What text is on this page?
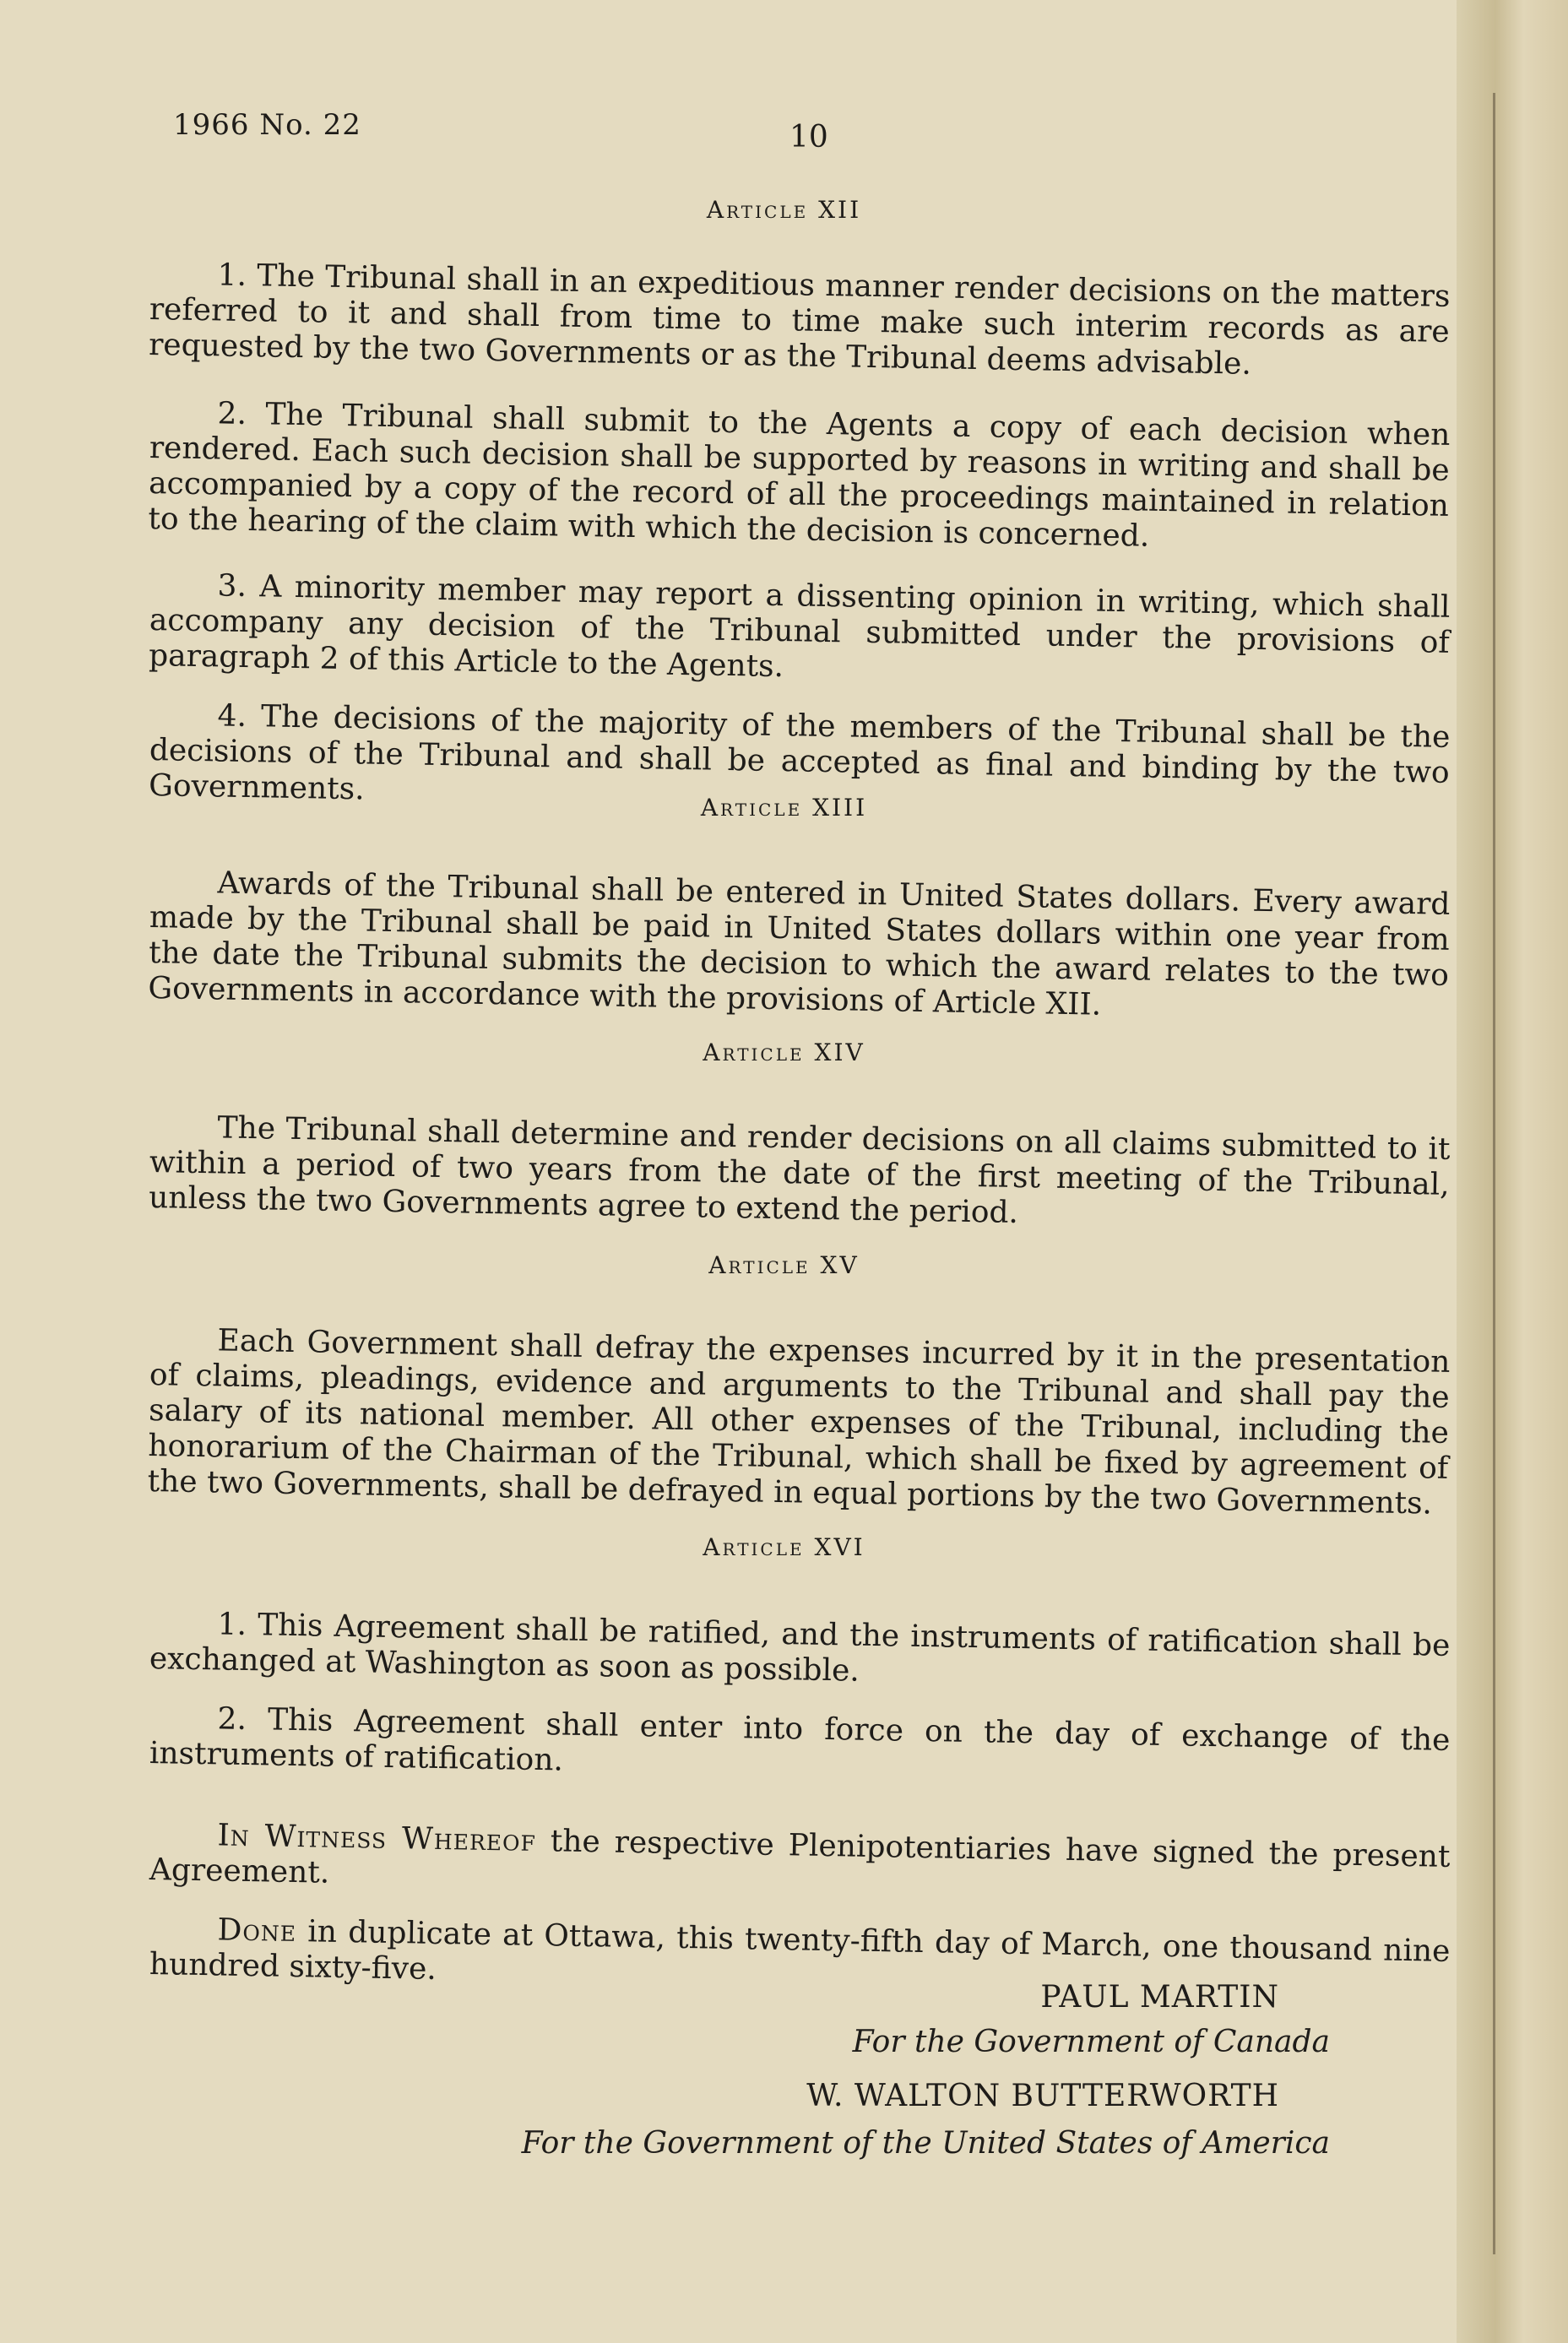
1966 No. 22	10
Article XII

1. The Tribunal shall in an expeditious manner render decisions on the matters referred to it and shall from time to time make such interim records as are requested by the two Governments or as the Tribunal deems advisable.

2. The Tribunal shall submit to the Agents a copy of each decision when rendered. Each such decision shall be supported by reasons in writing and shall be accompanied by a copy of the record of all the proceedings maintained in relation to the hearing of the claim with which the decision is concerned.

3. A minority member may report a dissenting opinion in writing, which shall accompany any decision of the Tribunal submitted under the provisions of paragraph 2 of this Article to the Agents.

4. The decisions of the majority of the members of the Tribunal shall be the decisions of the Tribunal and shall be accepted as final and binding by the two Governments.

Article XIII

Awards of the Tribunal shall be entered in United States dollars. Every award made by the Tribunal shall be paid in United States dollars within one year from the date the Tribunal submits the decision to which the award relates to the two Governments in accordance with the provisions of Article XII.

Article XIV

The Tribunal shall determine and render decisions on all claims submitted to it within a period of two years from the date of the first meeting of the Tribunal, unless the two Governments agree to extend the period.

Article XV

Each Government shall defray the expenses incurred by it in the presentation of claims, pleadings, evidence and arguments to the Tribunal and shall pay the salary of its national member. All other expenses of the Tribunal, including the honorarium of the Chairman of the Tribunal, which shall be fixed by agreement of the two Governments, shall be defrayed in equal portions by the two Governments.

Article XVI

1. This Agreement shall be ratified, and the instruments of ratification shall be exchanged at Washington as soon as possible.

2. This Agreement shall enter into force on the day of exchange of the instruments of ratification.

In Witness Whereof the respective Plenipotentiaries have signed the present Agreement.

Done in duplicate at Ottawa, this twenty-fifth day of March, one thousand nine hundred sixty-five.

PAUL MARTIN
For the Government of Canada
W. WALTON BUTTERWORTH
For the Government of the United States of America
